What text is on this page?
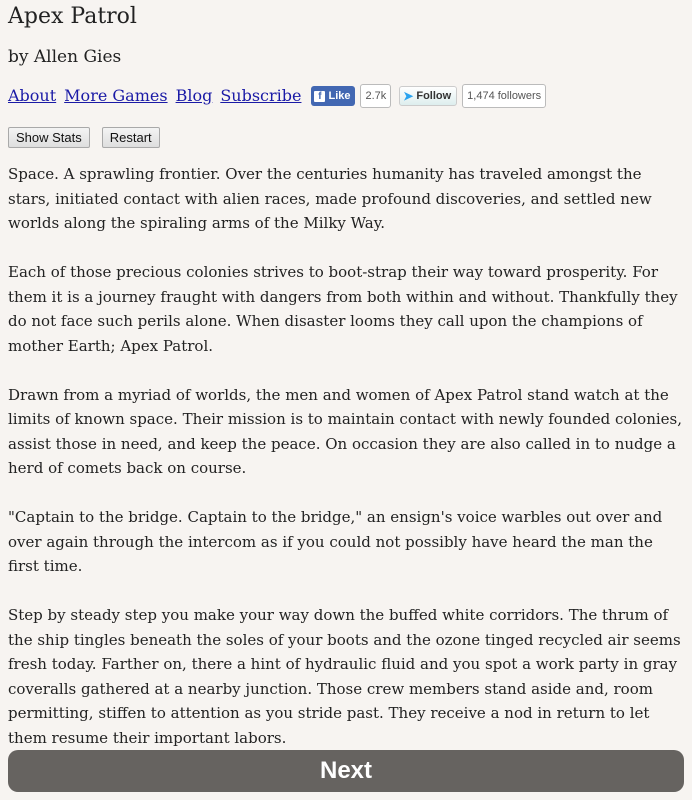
Apex Patrol
by Allen Gies
About More Games Blog Subscribe	f Like	2.7k	➤ Follow	1,474 followers
Show Stats	Restart

Space. A sprawling frontier. Over the centuries humanity has traveled amongst the stars, initiated contact with alien races, made profound discoveries, and settled new worlds along the spiraling arms of the Milky Way.

Each of those precious colonies strives to boot-strap their way toward prosperity. For them it is a journey fraught with dangers from both within and without. Thankfully they do not face such perils alone. When disaster looms they call upon the champions of mother Earth; Apex Patrol.

Drawn from a myriad of worlds, the men and women of Apex Patrol stand watch at the limits of known space. Their mission is to maintain contact with newly founded colonies, assist those in need, and keep the peace. On occasion they are also called in to nudge a herd of comets back on course.

"Captain to the bridge. Captain to the bridge," an ensign's voice warbles out over and over again through the intercom as if you could not possibly have heard the man the first time.

Step by steady step you make your way down the buffed white corridors. The thrum of the ship tingles beneath the soles of your boots and the ozone tinged recycled air seems fresh today. Farther on, there a hint of hydraulic fluid and you spot a work party in gray coveralls gathered at a nearby junction. Those crew members stand aside and, room permitting, stiffen to attention as you stride past. They receive a nod in return to let them resume their important labors.

Next
